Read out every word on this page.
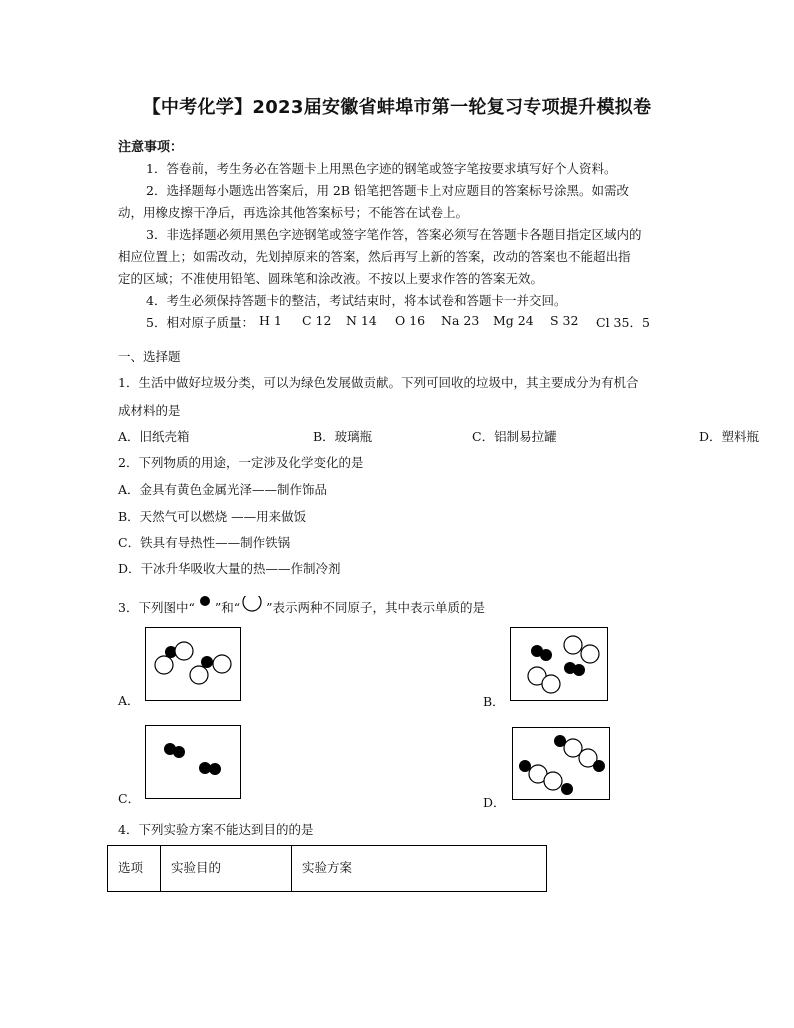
【中考化学】2023届安徽省蚌埠市第一轮复习专项提升模拟卷
注意事项：
1．答卷前，考生务必在答题卡上用黑色字迹的钢笔或签字笔按要求填写好个人资料。
2．选择题每小题选出答案后，用 2B 铅笔把答题卡上对应题目的答案标号涂黑。如需改
动，用橡皮擦干净后，再选涂其他答案标号；不能答在试卷上。
3．非选择题必须用黑色字迹钢笔或签字笔作答，答案必须写在答题卡各题目指定区域内的
相应位置上；如需改动，先划掉原来的答案，然后再写上新的答案，改动的答案也不能超出指
定的区域；不准使用铅笔、圆珠笔和涂改液。不按以上要求作答的答案无效。
4．考生必须保持答题卡的整洁，考试结束时，将本试卷和答题卡一并交回。
5．相对原子质量： H 1 C 12 N 14 O 16 Na 23 Mg 24 S 32 Cl 35．5
一、选择题
1．生活中做好垃圾分类，可以为绿色发展做贡献。下列可回收的垃圾中，其主要成分为有机合
成材料的是
A．旧纸壳箱	B．玻璃瓶	C．铝制易拉罐	D．塑料瓶
2．下列物质的用途，一定涉及化学变化的是
A．金具有黄色金属光泽——制作饰品
B．天然气可以燃烧 ——用来做饭
C．铁具有导热性——制作铁锅
D．干冰升华吸收大量的热——作制冷剂
3．下列图中“ ”和“ ”表示两种不同原子，其中表示单质的是
A．	B．
C．	D．
4．下列实验方案不能达到目的的是
选项	实验目的	实验方案
